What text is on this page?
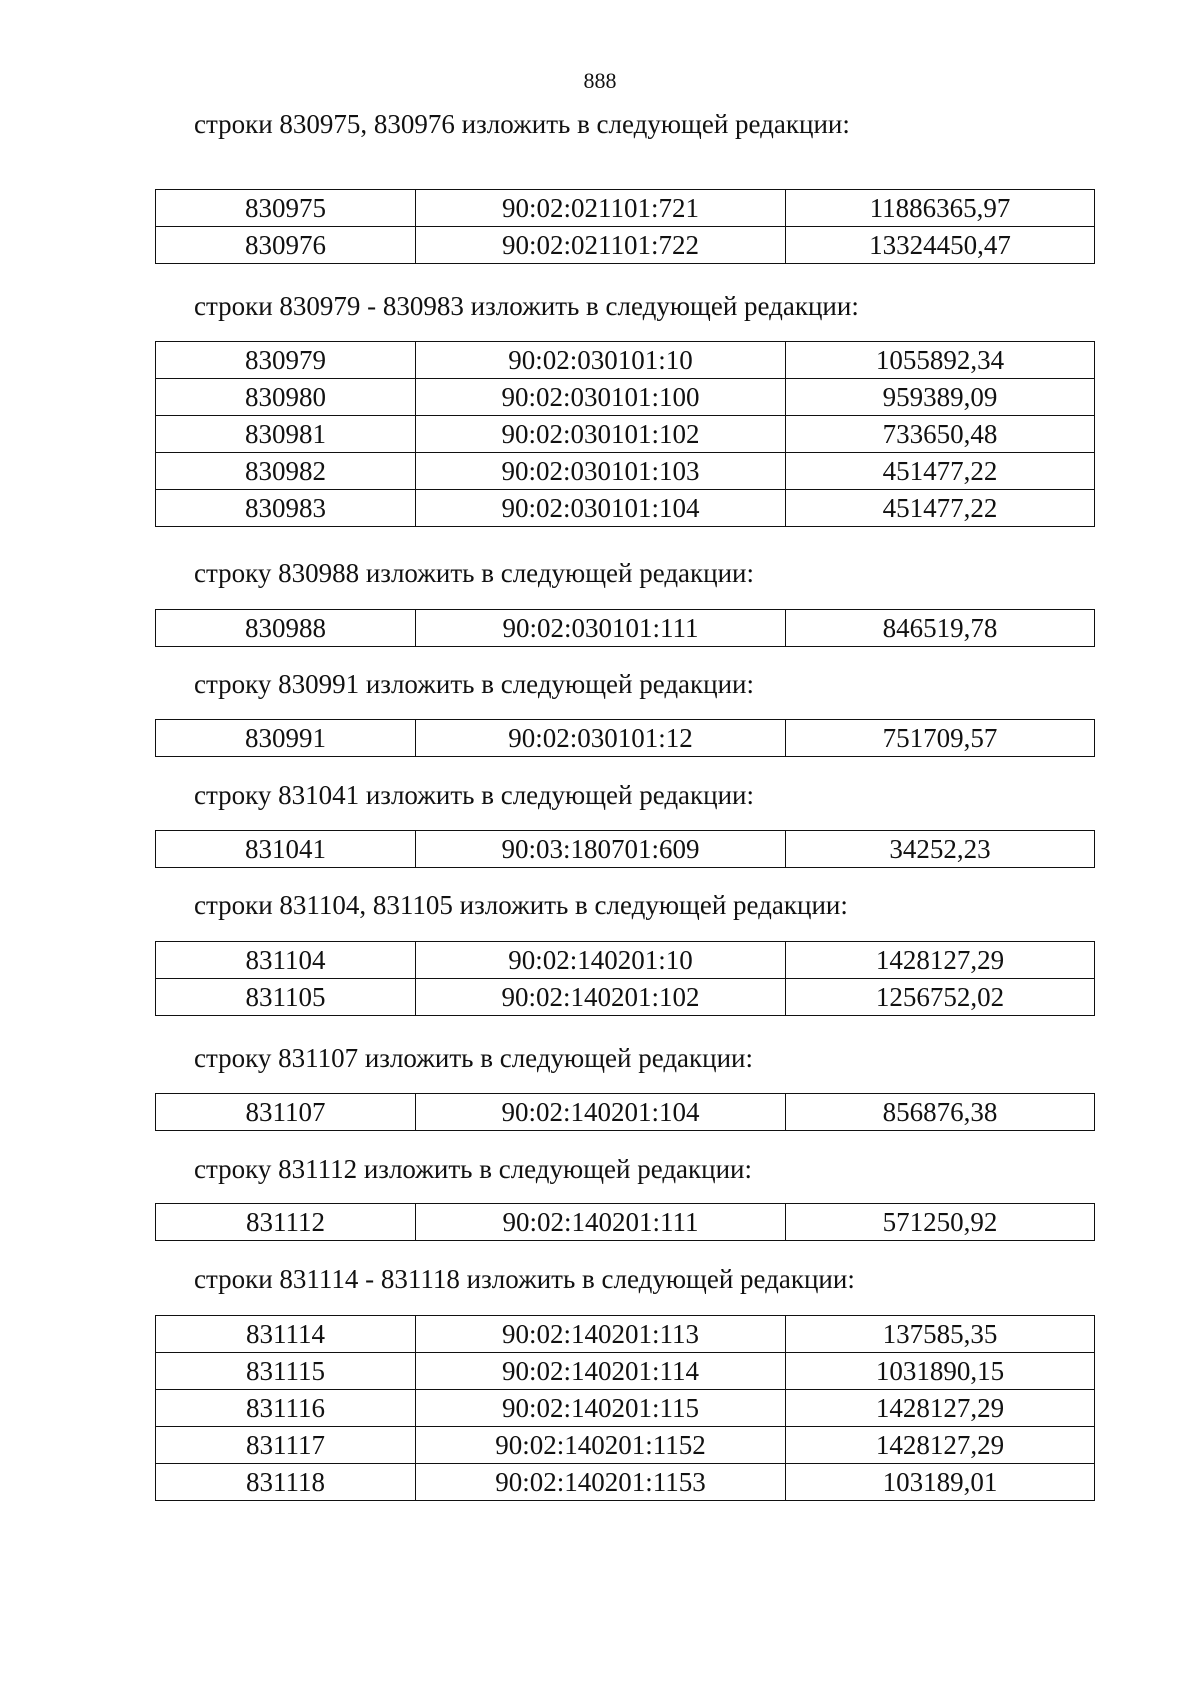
888
строки 830975, 830976 изложить в следующей редакции:
830975	90:02:021101:721	11886365,97
830976	90:02:021101:722	13324450,47
строки 830979 - 830983 изложить в следующей редакции:
830979	90:02:030101:10	1055892,34
830980	90:02:030101:100	959389,09
830981	90:02:030101:102	733650,48
830982	90:02:030101:103	451477,22
830983	90:02:030101:104	451477,22
строку 830988 изложить в следующей редакции:
830988	90:02:030101:111	846519,78
строку 830991 изложить в следующей редакции:
830991	90:02:030101:12	751709,57
строку 831041 изложить в следующей редакции:
831041	90:03:180701:609	34252,23
строки 831104, 831105 изложить в следующей редакции:
831104	90:02:140201:10	1428127,29
831105	90:02:140201:102	1256752,02
строку 831107 изложить в следующей редакции:
831107	90:02:140201:104	856876,38
строку 831112 изложить в следующей редакции:
831112	90:02:140201:111	571250,92
строки 831114 - 831118 изложить в следующей редакции:
831114	90:02:140201:113	137585,35
831115	90:02:140201:114	1031890,15
831116	90:02:140201:115	1428127,29
831117	90:02:140201:1152	1428127,29
831118	90:02:140201:1153	103189,01
